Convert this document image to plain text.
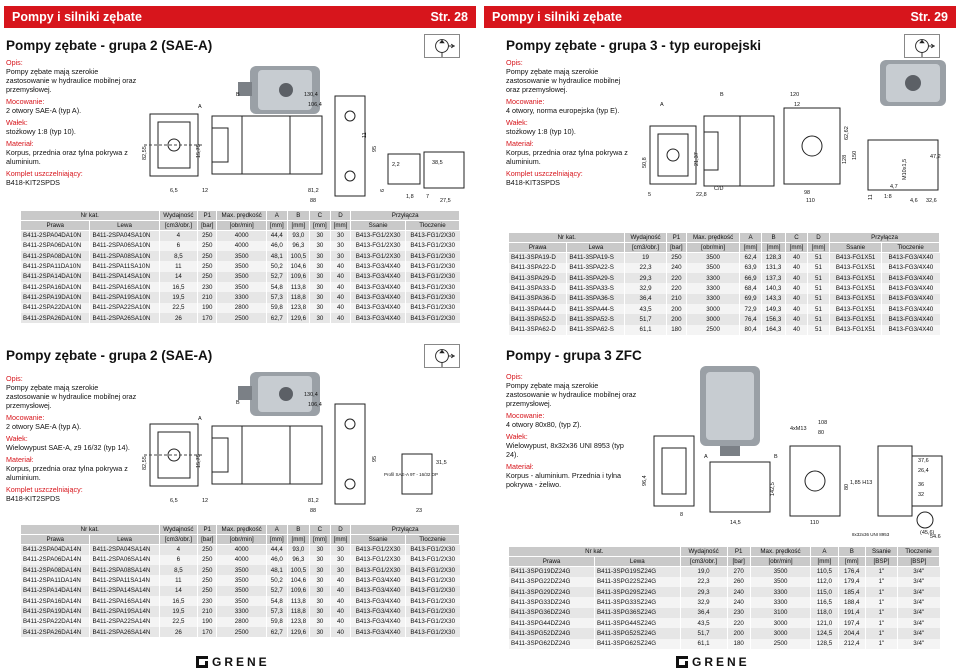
Pompy i silniki zębate	Str. 28
Pompy zębate - grupa 2 (SAE-A)
Opis:
Pompy zębate mają szerokie zastosowanie w hydraulice mobilnej oraz przemysłowej.
Mocowanie:
2 otwory SAE-A (typ A).
Wałek:
stożkowy 1:8 (typ 10).
Materiał:
Korpus, przednia oraz tylna pokrywa z aluminium.
Komplet uszczelniający:
B418-KIT2SPDS
A
B	130,4
106,4
82,55	15,75
6,5	12	81,2
88
95
11
2,2	38,5
6
1,8 7
27,5
Nr kat.		Wydajność	P1	Max. prędkość	A	B	C	D	Przyłącza	
Prawa	Lewa	[cm3/obr.]	[bar]	[obr/min]	[mm]	[mm]	[mm]	[mm]	Ssanie	Tłoczenie
B411-2SPA04DA10N	B411-2SPA04SA10N	4	250	4000	44,4	93,0	30	30	B413-FG1/2X30	B413-FG1/2X30
B411-2SPA06DA10N	B411-2SPA06SA10N	6	250	4000	46,0	96,3	30	30	B413-FG1/2X30	B413-FG1/2X30
B411-2SPA08DA10N	B411-2SPA08SA10N	8,5	250	3500	48,1	100,5	30	30	B413-FG1/2X30	B413-FG1/2X30
B411-2SPA11DA10N	B411-2SPA11SA10N	11	250	3500	50,2	104,6	30	40	B413-FG3/4X40	B413-FG1/2X30
B411-2SPA14DA10N	B411-2SPA14SA10N	14	250	3500	52,7	109,6	30	40	B413-FG3/4X40	B413-FG1/2X30
B411-2SPA16DA10N	B411-2SPA16SA10N	16,5	230	3500	54,8	113,8	30	40	B413-FG3/4X40	B413-FG1/2X30
B411-2SPA19DA10N	B411-2SPA19SA10N	19,5	210	3300	57,3	118,8	30	40	B413-FG3/4X40	B413-FG1/2X30
B411-2SPA22DA10N	B411-2SPA22SA10N	22,5	190	2800	59,8	123,8	30	40	B413-FG3/4X40	B413-FG1/2X30
B411-2SPA26DA10N	B411-2SPA26SA10N	26	170	2500	62,7	129,6	30	40	B413-FG3/4X40	B413-FG1/2X30
Pompy zębate - grupa 2 (SAE-A)
Opis:
Pompy zębate mają szerokie zastosowanie w hydraulice mobilnej oraz przemysłowej.
Mocowanie:
2 otwory SAE-A (typ A).
Wałek:
Wielowypust SAE-A, z9 16/32 (typ 14).
Materiał:
Korpus, przednia oraz tylna pokrywa z aluminium.
Komplet uszczelniający:
B418-KIT2SPDS
A
B
130,4
106,4
82,55	15,75
6,5	12	81,2
88
95
31,5
23
Profil SAE-A 9T - 16/32 DP
Nr kat.		Wydajność	P1	Max. prędkość	A	B	C	D	Przyłącza	
Prawa	Lewa	[cm3/obr.]	[bar]	[obr/min]	[mm]	[mm]	[mm]	[mm]	Ssanie	Tłoczenie
B411-2SPA04DA14N	B411-2SPA04SA14N	4	250	4000	44,4	93,0	30	30	B413-FG1/2X30	B413-FG1/2X30
B411-2SPA06DA14N	B411-2SPA06SA14N	6	250	4000	46,0	96,3	30	30	B413-FG1/2X30	B413-FG1/2X30
B411-2SPA08DA14N	B411-2SPA08SA14N	8,5	250	3500	48,1	100,5	30	30	B413-FG1/2X30	B413-FG1/2X30
B411-2SPA11DA14N	B411-2SPA11SA14N	11	250	3500	50,2	104,6	30	40	B413-FG3/4X40	B413-FG1/2X30
B411-2SPA14DA14N	B411-2SPA14SA14N	14	250	3500	52,7	109,6	30	40	B413-FG3/4X40	B413-FG1/2X30
B411-2SPA16DA14N	B411-2SPA16SA14N	16,5	230	3500	54,8	113,8	30	40	B413-FG3/4X40	B413-FG1/2X30
B411-2SPA19DA14N	B411-2SPA19SA14N	19,5	210	3300	57,3	118,8	30	40	B413-FG3/4X40	B413-FG1/2X30
B411-2SPA22DA14N	B411-2SPA22SA14N	22,5	190	2800	59,8	123,8	30	40	B413-FG3/4X40	B413-FG1/2X30
B411-2SPA26DA14N	B411-2SPA26SA14N	26	170	2500	62,7	129,6	30	40	B413-FG3/4X40	B413-FG1/2X30
GRENE
Pompy i silniki zębate	Str. 29
Pompy zębate - grupa 3 - typ europejski
Opis:
Pompy zębate mają szerokie zastosowanie w hydraulice mobilnej oraz przemysłowej.
Mocowanie:
4 otwory, norma europejska (typ E).
Wałek:
stożkowy 1:8 (typ 10).
Materiał:
Korpus, przednia oraz tylna pokrywa z aluminium.
Komplet uszczelniający:
B418-KIT3SPDS
A
B	120
12
50,8	21,37
5	22,8
C/D
98
110
62,62
150
128	47,2
M10x1,5
11 1:8
4,6 32,6
4,7
Nr kat.		Wydajność	P1	Max. prędkość	A	B	C	D	Przyłącza	
Prawa	Lewa	[cm3/obr.]	[bar]	[obr/min]	[mm]	[mm]	[mm]	[mm]	Ssanie	Tłoczenie
B411-3SPA19-D	B411-3SPA19-S	19	250	3500	62,4	128,3	40	51	B413-FG1X51	B413-FG3/4X40
B411-3SPA22-D	B411-3SPA22-S	22,3	240	3500	63,9	131,3	40	51	B413-FG1X51	B413-FG3/4X40
B411-3SPA29-D	B411-3SPA29-S	29,3	220	3300	66,9	137,3	40	51	B413-FG1X51	B413-FG3/4X40
B411-3SPA33-D	B411-3SPA33-S	32,9	220	3300	68,4	140,3	40	51	B413-FG1X51	B413-FG3/4X40
B411-3SPA36-D	B411-3SPA36-S	36,4	210	3300	69,9	143,3	40	51	B413-FG1X51	B413-FG3/4X40
B411-3SPA44-D	B411-3SPA44-S	43,5	200	3000	72,9	149,3	40	51	B413-FG1X51	B413-FG3/4X40
B411-3SPA52-D	B411-3SPA52-S	51,7	200	3000	76,4	156,3	40	51	B413-FG1X51	B413-FG3/4X40
B411-3SPA62-D	B411-3SPA62-S	61,1	180	2500	80,4	164,3	40	51	B413-FG1X51	B413-FG3/4X40
Pompy - grupa 3 ZFC
Opis:
Pompy zębate mają szerokie zastosowanie w hydraulice mobilnej oraz przemysłowej.
Mocowanie:
4 otwory 80x80, (typ Z).
Wałek:
Wielowypust, 8x32x36 UNI 8953 (typ 24).
Materiał:
Korpus - aluminium. Przednia i tylna pokrywa - żeliwo.
A	B
4xM13
108
80
80
96,4
142,5
14,5
8
110
1,85 H13
37,6
26,4
36
32
8x32x36 UNI 8953	(45,6)
54,6
Nr kat.		Wydajność	P1	Max. prędkość	A	B	Ssanie	Tłoczenie
Prawa	Lewa	[cm3/obr.]	[bar]	[obr/min]	[mm]	[mm]	[BSP]	[BSP]
B411-3SPG19DZ24G	B411-3SPG19SZ24G	19,0	270	3500	110,5	176,4	1"	3/4"
B411-3SPG22DZ24G	B411-3SPG22SZ24G	22,3	260	3500	112,0	179,4	1"	3/4"
B411-3SPG29DZ24G	B411-3SPG29SZ24G	29,3	240	3300	115,0	185,4	1"	3/4"
B411-3SPG33DZ24G	B411-3SPG33SZ24G	32,9	240	3300	116,5	188,4	1"	3/4"
B411-3SPG36DZ24G	B411-3SPG36SZ24G	36,4	230	3100	118,0	191,4	1"	3/4"
B411-3SPG44DZ24G	B411-3SPG44SZ24G	43,5	220	3000	121,0	197,4	1"	3/4"
B411-3SPG52DZ24G	B411-3SPG52SZ24G	51,7	200	3000	124,5	204,4	1"	3/4"
B411-3SPG62DZ24G	B411-3SPG62SZ24G	61,1	180	2500	128,5	212,4	1"	3/4"
GRENE
